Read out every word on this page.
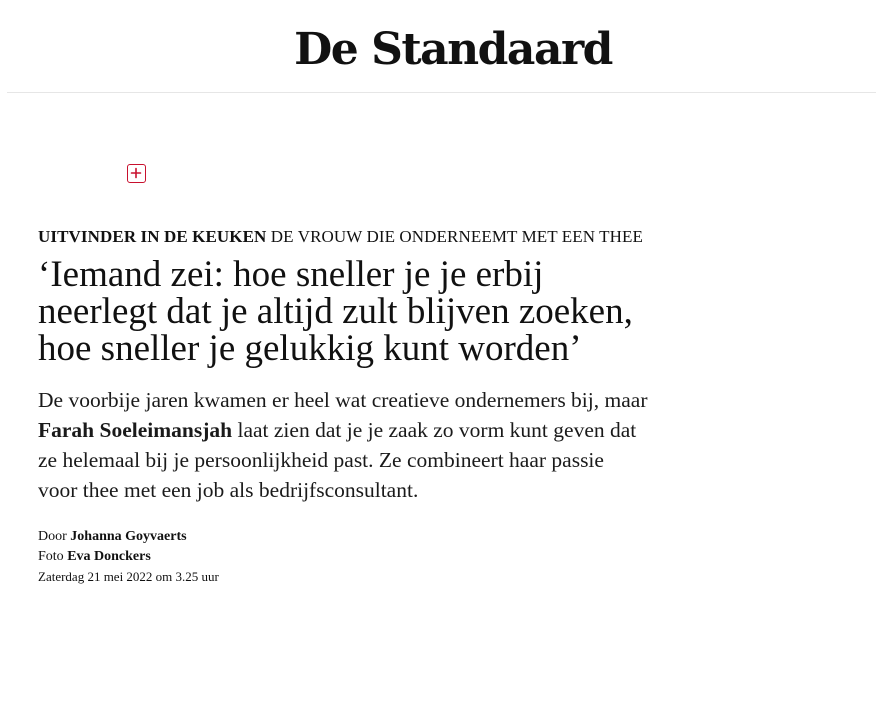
De Standaard

UITVINDER IN DE KEUKEN DE VROUW DIE ONDERNEEMT MET EEN THEE

‘Iemand zei: hoe sneller je je erbij neerlegt dat je altijd zult blijven zoeken, hoe sneller je gelukkig kunt worden’

De voorbije jaren kwamen er heel wat creatieve ondernemers bij, maar Farah Soeleimansjah laat zien dat je je zaak zo vorm kunt geven dat ze helemaal bij je persoonlijkheid past. Ze combineert haar passie voor thee met een job als bedrijfsconsultant.

Door Johanna Goyvaerts
Foto Eva Donckers
Zaterdag 21 mei 2022 om 3.25 uur
